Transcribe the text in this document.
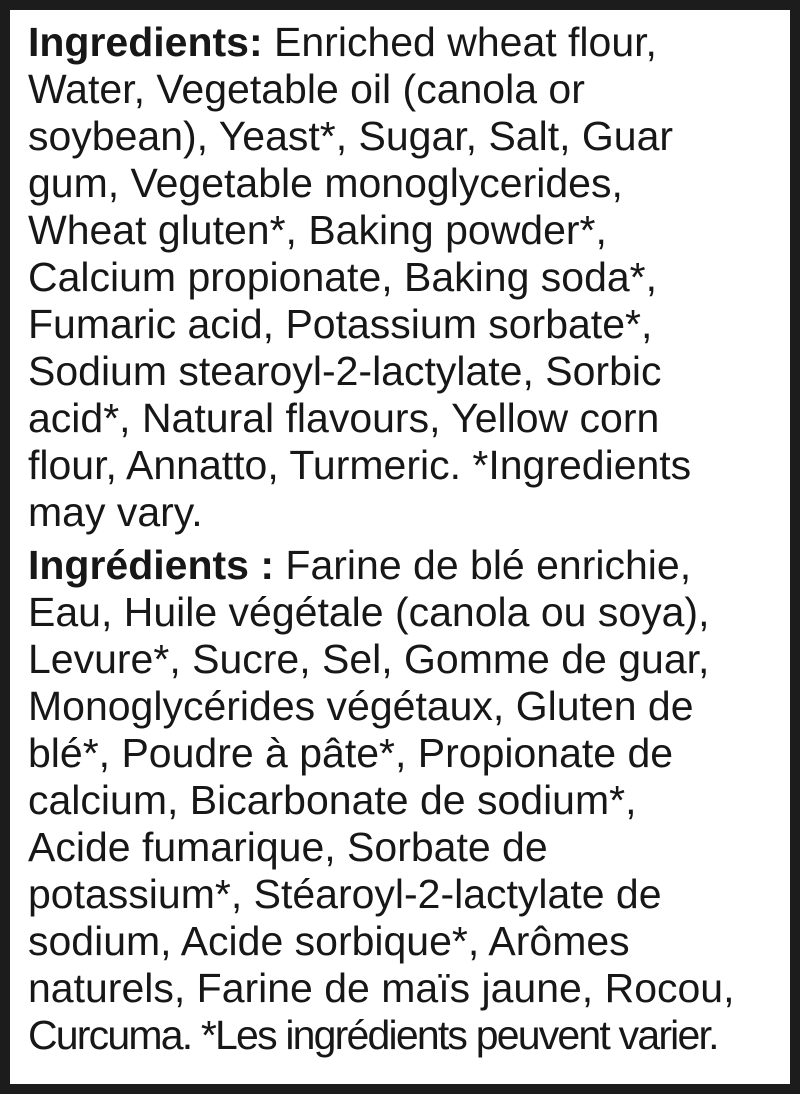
Ingredients: Enriched wheat flour, Water, Vegetable oil (canola or soybean), Yeast*, Sugar, Salt, Guar gum, Vegetable monoglycerides, Wheat gluten*, Baking powder*, Calcium propionate, Baking soda*, Fumaric acid, Potassium sorbate*, Sodium stearoyl-2-lactylate, Sorbic acid*, Natural flavours, Yellow corn flour, Annatto, Turmeric. *Ingredients may vary.

Ingrédients : Farine de blé enrichie, Eau, Huile végétale (canola ou soya), Levure*, Sucre, Sel, Gomme de guar, Monoglycérides végétaux, Gluten de blé*, Poudre à pâte*, Propionate de calcium, Bicarbonate de sodium*, Acide fumarique, Sorbate de potassium*, Stéaroyl-2-lactylate de sodium, Acide sorbique*, Arômes naturels, Farine de maïs jaune, Rocou, Curcuma. *Les ingrédients peuvent varier.
